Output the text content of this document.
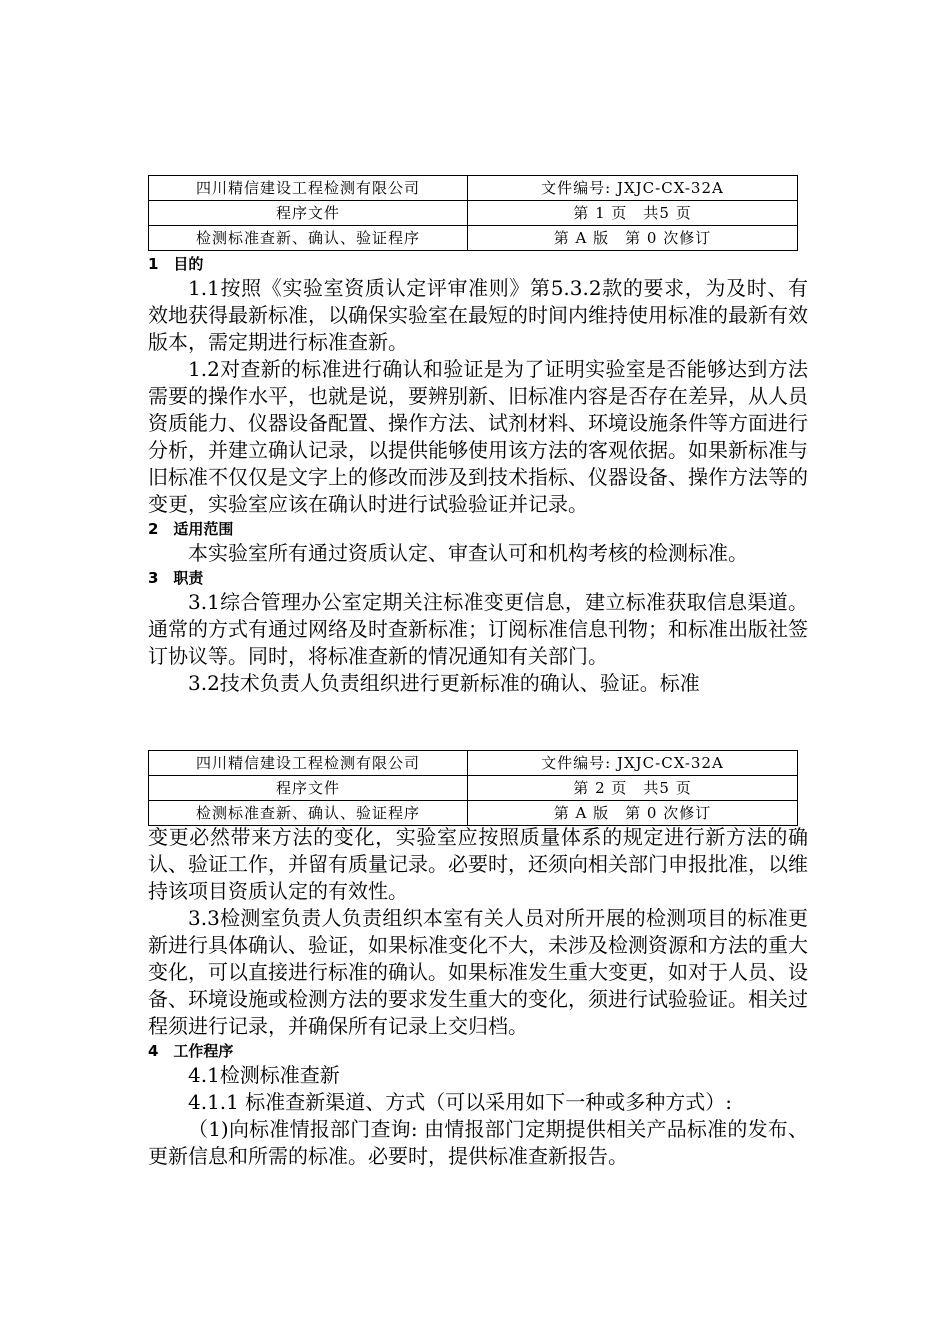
四川精信建设工程检测有限公司	文件编号: JXJC-CX-32A
程序文件	第 1 页　共5 页
检测标准查新、确认、验证程序	第 A 版　第 0 次修订

1　目的

1.1按照《实验室资质认定评审准则》第5.3.2款的要求，为及时、有效地获得最新标准，以确保实验室在最短的时间内维持使用标准的最新有效版本，需定期进行标准查新。

1.2对查新的标准进行确认和验证是为了证明实验室是否能够达到方法需要的操作水平，也就是说，要辨别新、旧标准内容是否存在差异，从人员资质能力、仪器设备配置、操作方法、试剂材料、环境设施条件等方面进行分析，并建立确认记录，以提供能够使用该方法的客观依据。如果新标准与旧标准不仅仅是文字上的修改而涉及到技术指标、仪器设备、操作方法等的变更，实验室应该在确认时进行试验验证并记录。

2　适用范围

本实验室所有通过资质认定、审查认可和机构考核的检测标准。

3　职责

3.1综合管理办公室定期关注标准变更信息，建立标准获取信息渠道。通常的方式有通过网络及时查新标准；订阅标准信息刊物；和标准出版社签订协议等。同时，将标准查新的情况通知有关部门。

3.2技术负责人负责组织进行更新标准的确认、验证。标准

四川精信建设工程检测有限公司	文件编号: JXJC-CX-32A
程序文件	第 2 页　共5 页
检测标准查新、确认、验证程序	第 A 版　第 0 次修订

变更必然带来方法的变化，实验室应按照质量体系的规定进行新方法的确认、验证工作，并留有质量记录。必要时，还须向相关部门申报批准，以维持该项目资质认定的有效性。

3.3检测室负责人负责组织本室有关人员对所开展的检测项目的标准更新进行具体确认、验证，如果标准变化不大，未涉及检测资源和方法的重大变化，可以直接进行标准的确认。如果标准发生重大变更，如对于人员、设备、环境设施或检测方法的要求发生重大的变化，须进行试验验证。相关过程须进行记录，并确保所有记录上交归档。

4　工作程序

4.1检测标准查新

4.1.1 标准查新渠道、方式（可以采用如下一种或多种方式）:

（1)向标准情报部门查询: 由情报部门定期提供相关产品标准的发布、更新信息和所需的标准。必要时，提供标准查新报告。
